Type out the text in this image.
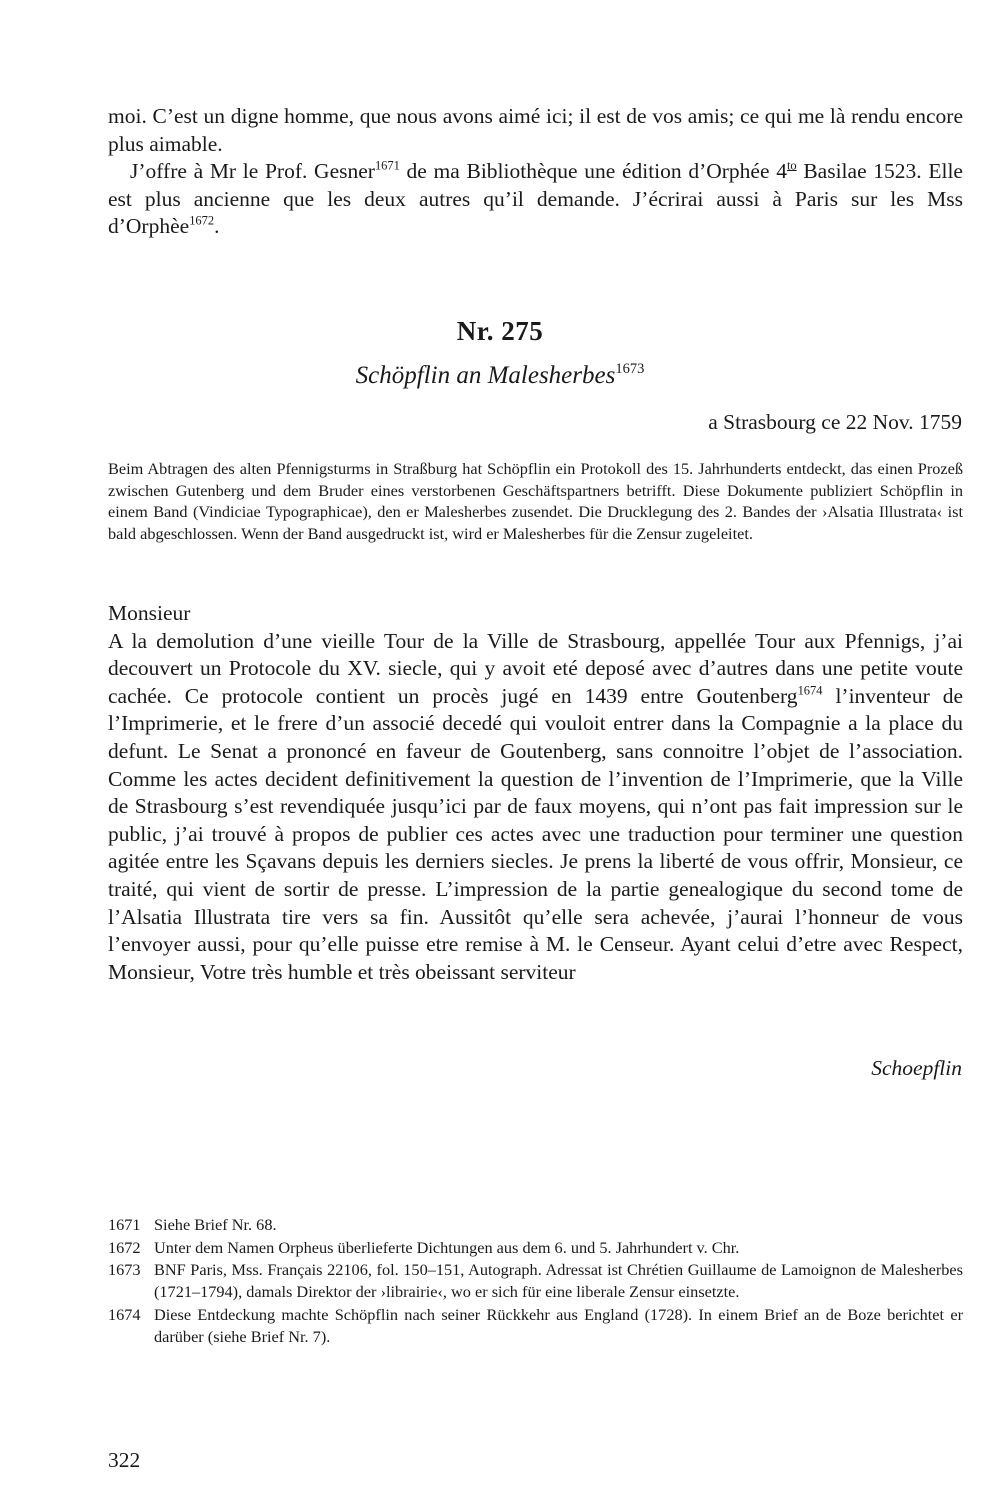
moi. C’est un digne homme, que nous avons aimé ici; il est de vos amis; ce qui me là rendu encore plus aimable.

J’offre à Mr le Prof. Gesner$^{1671}$ de ma Bibliothèque une édition d’Orphée $4^{to}$ Basilae 1523. Elle est plus ancienne que les deux autres qu’il demande. J’écrirai aussi à Paris sur les Mss d’Orphèe$^{1672}$.

Nr. 275
Schöpflin an Malesherbes$^{1673}$
a Strasbourg ce 22 Nov. 1759
Beim Abtragen des alten Pfennigsturms in Straßburg hat Schöpflin ein Protokoll des 15. Jahrhunderts entdeckt, das einen Prozeß zwischen Gutenberg und dem Bruder eines verstorbenen Geschäftspartners betrifft. Diese Dokumente publiziert Schöpflin in einem Band (Vindiciae Typographicae), den er Malesherbes zusendet. Die Drucklegung des 2. Bandes der ›Alsatia Illustrata‹ ist bald abgeschlossen. Wenn der Band ausgedruckt ist, wird er Malesherbes für die Zensur zugeleitet.

Monsieur

A la demolution d’une vieille Tour de la Ville de Strasbourg, appellée Tour aux Pfennigs, j’ai decouvert un Protocole du XV. siecle, qui y avoit eté deposé avec d’autres dans une petite voute cachée. Ce protocole contient un procès jugé en 1439 entre Goutenberg$^{1674}$ l’inventeur de l’Imprimerie, et le frere d’un associé decedé qui vouloit entrer dans la Compagnie a la place du defunt. Le Senat a prononcé en faveur de Goutenberg, sans connoitre l’objet de l’association. Comme les actes decident definitivement la question de l’invention de l’Imprimerie, que la Ville de Strasbourg s’est revendiquée jusqu’ici par de faux moyens, qui n’ont pas fait impression sur le public, j’ai trouvé à propos de publier ces actes avec une traduction pour terminer une question agitée entre les Sçavans depuis les derniers siecles. Je prens la liberté de vous offrir, Monsieur, ce traité, qui vient de sortir de presse. L’impression de la partie genealogique du second tome de l’Alsatia Illustrata tire vers sa fin. Aussitôt qu’elle sera achevée, j’aurai l’honneur de vous l’envoyer aussi, pour qu’elle puisse etre remise à M. le Censeur. Ayant celui d’etre avec Respect, Monsieur, Votre très humble et très obeissant serviteur

Schoepflin
1671 Siehe Brief Nr. 68.
1672 Unter dem Namen Orpheus überlieferte Dichtungen aus dem 6. und 5. Jahrhundert v. Chr.
1673 BNF Paris, Mss. Français 22106, fol. 150–151, Autograph. Adressat ist Chrétien Guillaume de Lamoignon de Malesherbes (1721–1794), damals Direktor der ›librairie‹, wo er sich für eine liberale Zensur einsetzte.
1674 Diese Entdeckung machte Schöpflin nach seiner Rückkehr aus England (1728). In einem Brief an de Boze berichtet er darüber (siehe Brief Nr. 7).
322
